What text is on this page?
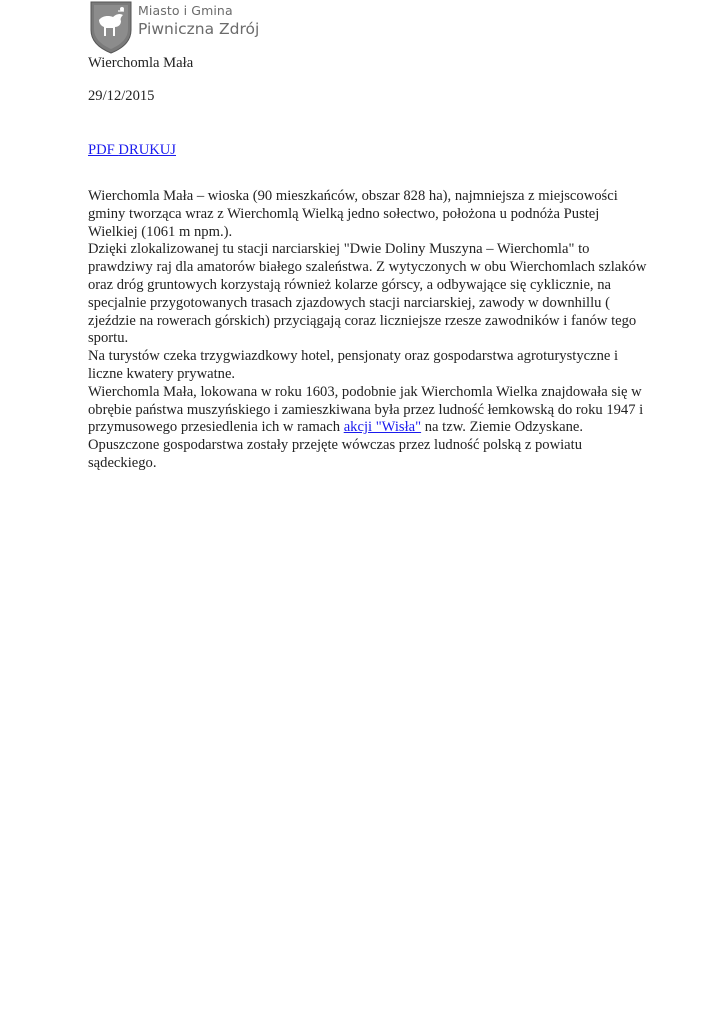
Miasto i Gmina
Piwniczna Zdrój
Wierchomla Mała
29/12/2015
PDF DRUKUJ
Wierchomla Mała – wioska (90 mieszkańców, obszar 828 ha), najmniejsza z miejscowości gminy tworząca wraz z Wierchomlą Wielką jedno sołectwo, położona u podnóża Pustej Wielkiej (1061 m npm.).
Dzięki zlokalizowanej tu stacji narciarskiej "Dwie Doliny Muszyna – Wierchomla" to prawdziwy raj dla amatorów białego szaleństwa. Z wytyczonych w obu Wierchomlach szlaków oraz dróg gruntowych korzystają również kolarze górscy, a odbywające się cyklicznie, na specjalnie przygotowanych trasach zjazdowych stacji narciarskiej, zawody w downhillu ( zjeździe na rowerach górskich) przyciągają coraz liczniejsze rzesze zawodników i fanów tego sportu.
Na turystów czeka trzygwiazdkowy hotel, pensjonaty oraz gospodarstwa agroturystyczne i liczne kwatery prywatne.
Wierchomla Mała, lokowana w roku 1603, podobnie jak Wierchomla Wielka znajdowała się w obrębie państwa muszyńskiego i zamieszkiwana była przez ludność łemkowską do roku 1947 i przymusowego przesiedlenia ich w ramach akcji "Wisła" na tzw. Ziemie Odzyskane. Opuszczone gospodarstwa zostały przejęte wówczas przez ludność polską z powiatu sądeckiego.
